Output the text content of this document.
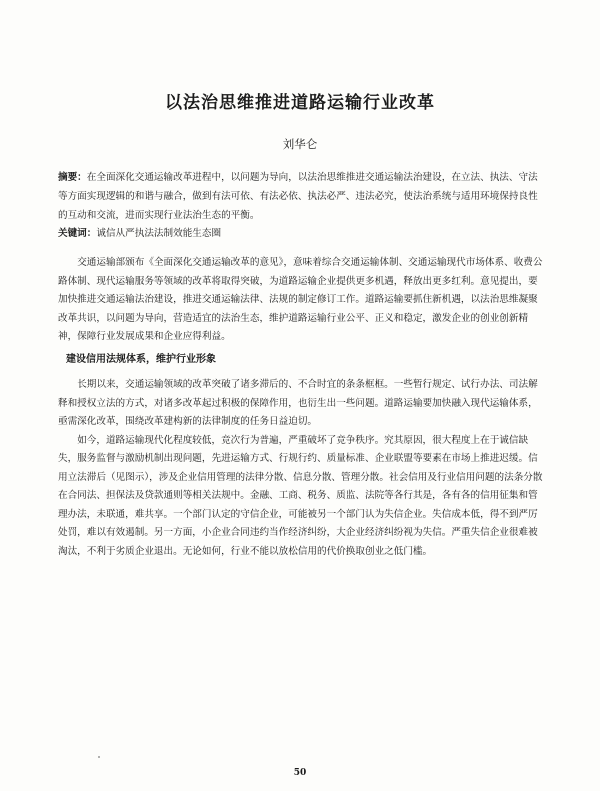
以法治思维推进道路运输行业改革
刘华仑
摘要：在全面深化交通运输改革进程中，以问题为导向，以法治思维推进交通运输法治建设，在立法、执法、守法等方面实现逻辑的和谐与融合，做到有法可依、有法必依、执法必严、违法必究，使法治系统与适用环境保持良性的互动和交流，进而实现行业法治生态的平衡。
关键词：诚信从严执法法制效能生态圈

交通运输部颁布《全面深化交通运输改革的意见》，意味着综合交通运输体制、交通运输现代市场体系、收费公路体制、现代运输服务等领域的改革将取得突破，为道路运输企业提供更多机遇，释放出更多红利。意见提出，要加快推进交通运输法治建设，推进交通运输法律、法规的制定修订工作。道路运输要抓住新机遇，以法治思维凝聚改革共识，以问题为导向，营造适宜的法治生态，维护道路运输行业公平、正义和稳定，激发企业的创业创新精神，保障行业发展成果和企业应得利益。

建设信用法规体系，维护行业形象

长期以来，交通运输领域的改革突破了诸多滞后的、不合时宜的条条框框。一些暂行规定、试行办法、司法解释和授权立法的方式，对诸多改革起过积极的保障作用，也衍生出一些问题。道路运输要加快融入现代运输体系，亟需深化改革，围绕改革建构新的法律制度的任务日益迫切。

如今，道路运输现代化程度较低，竞次行为普遍，严重破坏了竞争秩序。究其原因，很大程度上在于诚信缺失，服务监督与激励机制出现问题，先进运输方式、行规行约、质量标准、企业联盟等要素在市场上推进迟缓。信用立法滞后（见图示），涉及企业信用管理的法律分散、信息分散、管理分散。社会信用及行业信用问题的法条分散在合同法、担保法及贷款通则等相关法规中。金融、工商、税务、质监、法院等各行其是，各有各的信用征集和管理办法，未联通，难共享。一个部门认定的守信企业，可能被另一个部门认为失信企业。失信成本低，得不到严厉处罚，难以有效遏制。另一方面，小企业合同违约当作经济纠纷，大企业经济纠纷视为失信。严重失信企业很难被淘汰，不利于劣质企业退出。无论如何，行业不能以放松信用的代价换取创业之低门槛。

50
